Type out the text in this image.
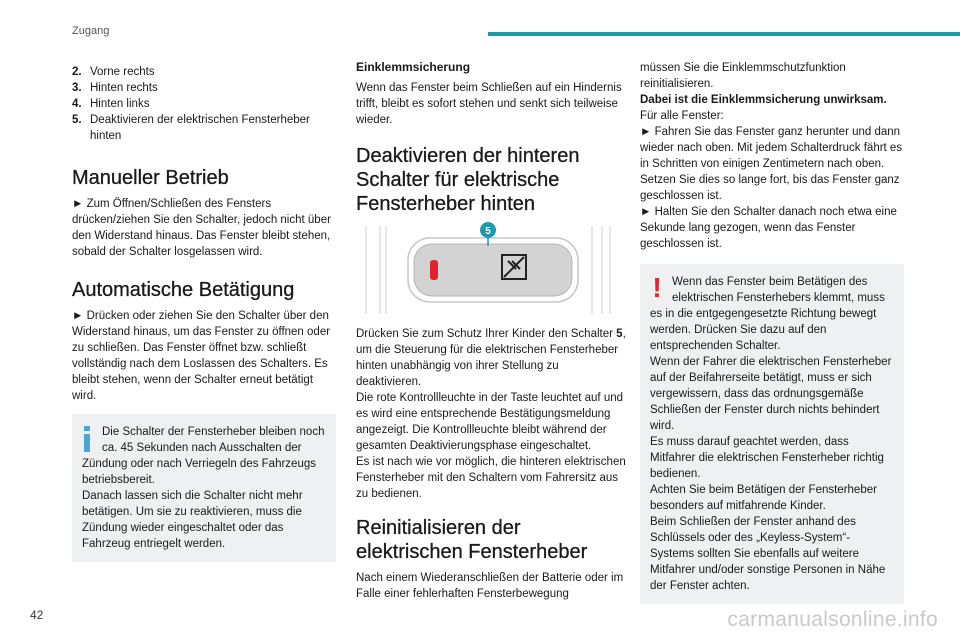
Zugang
2. Vorne rechts
3. Hinten rechts
4. Hinten links
5. Deaktivieren der elektrischen Fensterheber hinten
Manueller Betrieb

► Zum Öffnen/Schließen des Fensters drücken/ziehen Sie den Schalter, jedoch nicht über den Widerstand hinaus. Das Fenster bleibt stehen, sobald der Schalter losgelassen wird.

Automatische Betätigung

► Drücken oder ziehen Sie den Schalter über den Widerstand hinaus, um das Fenster zu öffnen oder zu schließen. Das Fenster öffnet bzw. schließt vollständig nach dem Loslassen des Schalters. Es bleibt stehen, wenn der Schalter erneut betätigt wird.

Die Schalter der Fensterheber bleiben noch ca. 45 Sekunden nach Ausschalten der Zündung oder nach Verriegeln des Fahrzeugs betriebsbereit.

Danach lassen sich die Schalter nicht mehr betätigen. Um sie zu reaktivieren, muss die Zündung wieder eingeschaltet oder das Fahrzeug entriegelt werden.

Einklemmsicherung

Wenn das Fenster beim Schließen auf ein Hindernis trifft, bleibt es sofort stehen und senkt sich teilweise wieder.

Deaktivieren der hinteren Schalter für elektrische Fensterheber hinten
5

Drücken Sie zum Schutz Ihrer Kinder den Schalter 5, um die Steuerung für die elektrischen Fensterheber hinten unabhängig von ihrer Stellung zu deaktivieren.

Die rote Kontrollleuchte in der Taste leuchtet auf und es wird eine entsprechende Bestätigungsmeldung angezeigt. Die Kontrollleuchte bleibt während der gesamten Deaktivierungsphase eingeschaltet.

Es ist nach wie vor möglich, die hinteren elektrischen Fensterheber mit den Schaltern vom Fahrersitz aus zu bedienen.

Reinitialisieren der elektrischen Fensterheber

Nach einem Wiederanschließen der Batterie oder im Falle einer fehlerhaften Fensterbewegung

müssen Sie die Einklemmschutzfunktion reinitialisieren.

Dabei ist die Einklemmsicherung unwirksam.

Für alle Fenster:

► Fahren Sie das Fenster ganz herunter und dann wieder nach oben. Mit jedem Schalterdruck fährt es in Schritten von einigen Zentimetern nach oben. Setzen Sie dies so lange fort, bis das Fenster ganz geschlossen ist.

► Halten Sie den Schalter danach noch etwa eine Sekunde lang gezogen, wenn das Fenster geschlossen ist.

! Wenn das Fenster beim Betätigen des elektrischen Fensterhebers klemmt, muss es in die entgegengesetzte Richtung bewegt werden. Drücken Sie dazu auf den entsprechenden Schalter.

Wenn der Fahrer die elektrischen Fensterheber auf der Beifahrerseite betätigt, muss er sich vergewissern, dass das ordnungsgemäße Schließen der Fenster durch nichts behindert wird.

Es muss darauf geachtet werden, dass Mitfahrer die elektrischen Fensterheber richtig bedienen.

Achten Sie beim Betätigen der Fensterheber besonders auf mitfahrende Kinder.

Beim Schließen der Fenster anhand des Schlüssels oder des „Keyless-System“-Systems sollten Sie ebenfalls auf weitere Mitfahrer und/oder sonstige Personen in Nähe der Fenster achten.

42	carmanualsonline.info
